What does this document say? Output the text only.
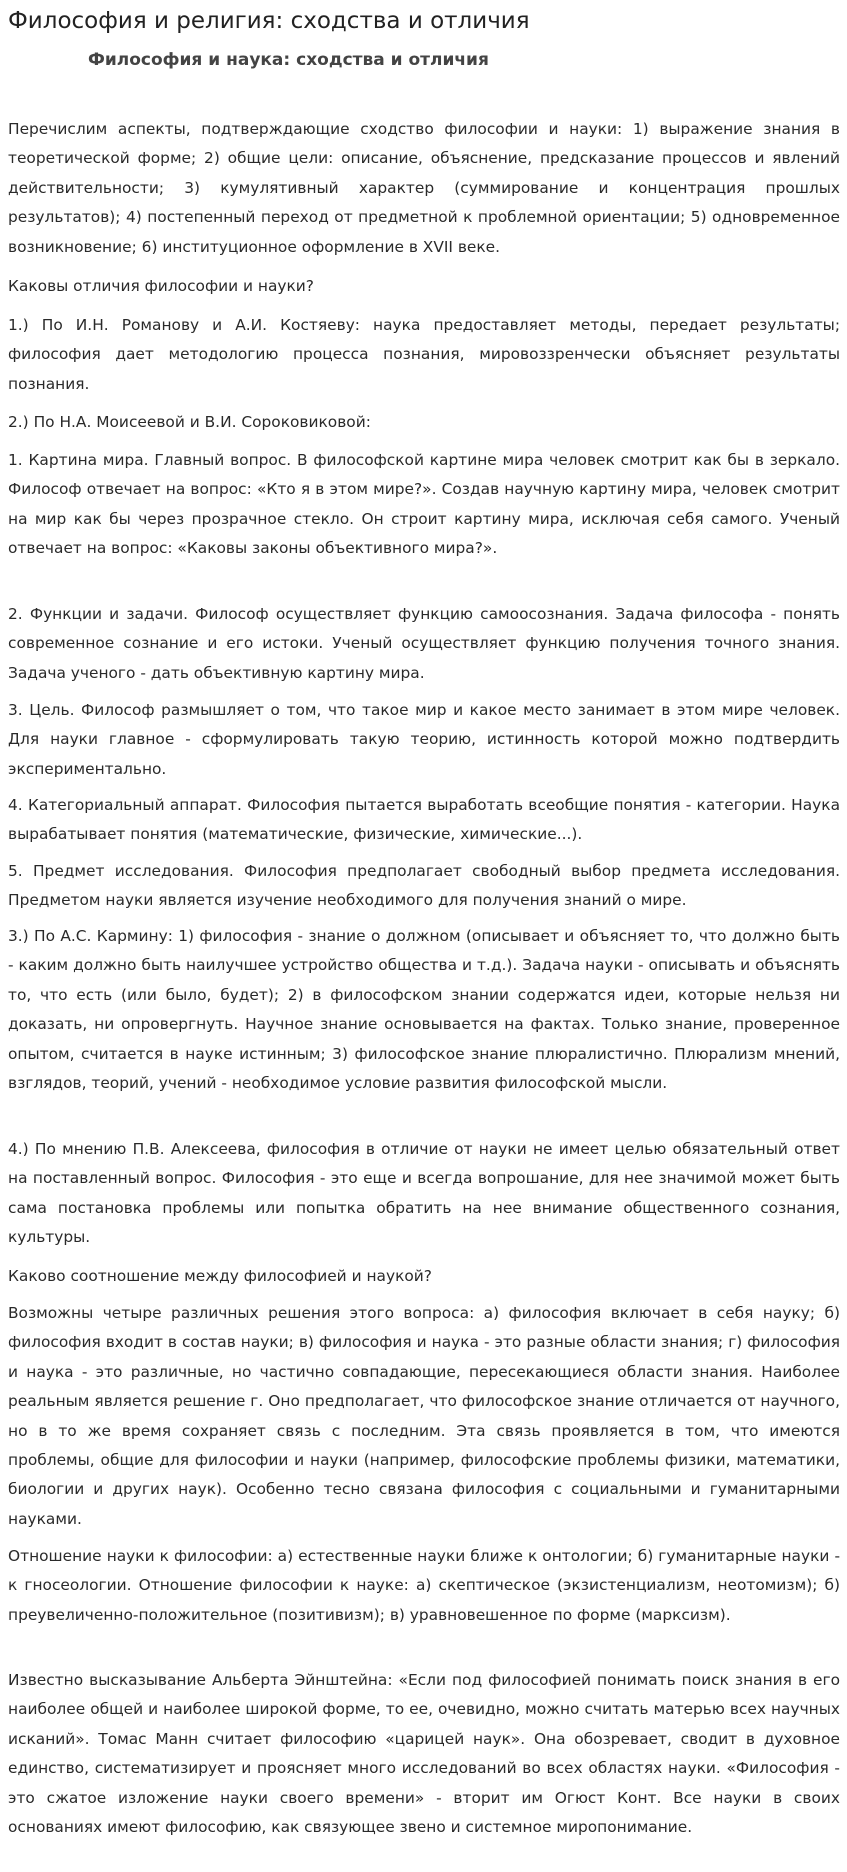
Философия и религия: сходства и отличия
Философия и наука: сходства и отличия

Перечислим аспекты, подтверждающие сходство философии и науки: 1) выражение знания в теоретической форме; 2) общие цели: описание, объяснение, предсказание процессов и явлений действительности; 3) кумулятивный характер (суммирование и концентрация прошлых результатов); 4) постепенный переход от предметной к проблемной ориентации; 5) одновременное возникновение; 6) институционное оформление в XVII веке.

Каковы отличия философии и науки?

1.) По И.Н. Романову и А.И. Костяеву: наука предоставляет методы, передает результаты; философия дает методологию процесса познания, мировоззренчески объясняет результаты познания.

2.) По Н.А. Моисеевой и В.И. Сороковиковой:

1. Картина мира. Главный вопрос. В философской картине мира человек смотрит как бы в зеркало. Философ отвечает на вопрос: «Кто я в этом мире?». Создав научную картину мира, человек смотрит на мир как бы через прозрачное стекло. Он строит картину мира, исключая себя самого. Ученый отвечает на вопрос: «Каковы законы объективного мира?».

2. Функции и задачи. Философ осуществляет функцию самоосознания. Задача философа - понять современное сознание и его истоки. Ученый осуществляет функцию получения точного знания. Задача ученого - дать объективную картину мира.

3. Цель. Философ размышляет о том, что такое мир и какое место занимает в этом мире человек. Для науки главное - сформулировать такую теорию, истинность которой можно подтвердить экспериментально.

4. Категориальный аппарат. Философия пытается выработать всеобщие понятия - категории. Наука вырабатывает понятия (математические, физические, химические...).

5. Предмет исследования. Философия предполагает свободный выбор предмета исследования. Предметом науки является изучение необходимого для получения знаний о мире.

3.) По А.С. Кармину: 1) философия - знание о должном (описывает и объясняет то, что должно быть - каким должно быть наилучшее устройство общества и т.д.). Задача науки - описывать и объяснять то, что есть (или было, будет); 2) в философском знании содержатся идеи, которые нельзя ни доказать, ни опровергнуть. Научное знание основывается на фактах. Только знание, проверенное опытом, считается в науке истинным; 3) философское знание плюралистично. Плюрализм мнений, взглядов, теорий, учений - необходимое условие развития философской мысли.

4.) По мнению П.В. Алексеева, философия в отличие от науки не имеет целью обязательный ответ на поставленный вопрос. Философия - это еще и всегда вопрошание, для нее значимой может быть сама постановка проблемы или попытка обратить на нее внимание общественного сознания, культуры.

Каково соотношение между философией и наукой?

Возможны четыре различных решения этого вопроса: а) философия включает в себя науку; б) философия входит в состав науки; в) философия и наука - это разные области знания; г) философия и наука - это различные, но частично совпадающие, пересекающиеся области знания. Наиболее реальным является решение г. Оно предполагает, что философское знание отличается от научного, но в то же время сохраняет связь с последним. Эта связь проявляется в том, что имеются проблемы, общие для философии и науки (например, философские проблемы физики, математики, биологии и других наук). Особенно тесно связана философия с социальными и гуманитарными науками.

Отношение науки к философии: а) естественные науки ближе к онтологии; б) гуманитарные науки - к гносеологии. Отношение философии к науке: а) скептическое (экзистенциализм, неотомизм); б) преувеличенно-положительное (позитивизм); в) уравновешенное по форме (марксизм).

Известно высказывание Альберта Эйнштейна: «Если под философией понимать поиск знания в его наиболее общей и наиболее широкой форме, то ее, очевидно, можно считать матерью всех научных исканий». Томас Манн считает философию «царицей наук». Она обозревает, сводит в духовное единство, систематизирует и проясняет много исследований во всех областях науки. «Философия - это сжатое изложение науки своего времени» - вторит им Огюст Конт. Все науки в своих основаниях имеют философию, как связующее звено и системное миропонимание.
